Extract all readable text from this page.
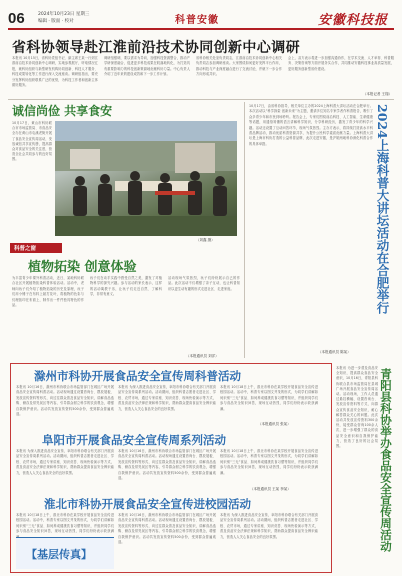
06	2024年10月23日 星期三
编辑 · 版面 · 校对	科普安徽	安徽科技报
省科协领导赴江淮前沿技术协同创新中心调研
本报讯 10月15日，省科协党组书记、副主席王某一行到江淮前沿技术协同创新中心调研，实地参观展厅，听取情况汇报，就科协组织与新型研发机构协同创新、科技人才服务、科技成果转化等工作进行深入交流座谈。调研组指出，要充分发挥科协组织联系广泛的优势，为科技工作者和创新主体做好服务。
调研组强调，要以需求为导向，加强科技资源整合，推动产学研深度融合，促进更多科技成果在皖落地转化，为打造具有重要影响力的科技创新策源地贡献科协力量。中心负责人介绍了近年来的建设成效和下一步工作计划。
省科协相关处室负责同志，江淮前沿技术协同创新中心相关负责同志参加调研座谈。大家围绕如何更好发挥平台作用，推动科技与产业深度融合进行了交流讨论，并就下一步合作方向形成共识。
会上，双方表示将进一步加强沟通协作，在学术交流、人才举荐、科普服务、决策咨询等方面开展务实合作，共同推动安徽科技事业高质量发展，更好服务创新型省份建设。
（本报记者 王翔）
诚信尚俭 共享食安
10月17日，黄山市科协联合市市场监管局、市食品安全办在黄山市屯溪老街开展了食品安全宣传周活动，发放诚信共享宣传册，提高群众对食品安全的关注度，营造全社会共同参与的良好氛围。
（刘鑫 摄）
科普之窗
植物拓染 创意体验
为丰富青少年课外科普活动，近日，某地科协联合社区开展植物拓染科普体验活动。活动中，老师向孩子们介绍了植物拓染的历史及原理，孩子们用小锤子在布料上敲打花叶，将植物的色彩与纹理拓印在布面上，制作出一件件独具特色的作品。
孩子们在动手实践中感受自然之美，激发了对植物科学的探究兴趣。参与活动的家长表示，这样的活动寓教于乐，让孩子们走近自然、了解科学，非常有意义。
活动现场气氛热烈，孩子们纷纷展示自己的作品。此次活动不仅增强了亲子互动，也让科普知识以更生动有趣的形式走进社区、走进家庭。
（本报通讯员 刘洋）
10月17日，由省科协指导，相关单位主办的2024上海科普大讲坛活动在合肥举行。本次活动以“科学探索 创新未来”为主题，邀请多位知名专家学者作科普报告，吸引了众多青少年和市民到场聆听。报告会上，专家们围绕前沿科技、人工智能、生命健康等话题，用通俗易懂的语言讲解科学知识，分享科研经历，激发了青少年的科学兴趣。活动还设置了互动问答环节，现场气氛热烈。主办方表示，将持续打造高水平科普品牌活动，推动优质科普资源共享，为提升公民科学素质贡献力量。上海科普大讲坛是上海市科协打造的公益科普品牌，此次走进安徽，是沪皖两地科协深化科普合作的具体举措。	2024上海科普大讲坛活动在合肥举行
（本报通讯员 陈某）
滁州市科协开展食品安全宣传周科普活动
本报讯 10月16日，滁州市科协联合市场监管部门在城区广场开展食品安全宣传周科普活动。活动现场通过设置咨询台、摆放展板、发放宣传资料等形式，向过往群众普及食品安全知识，讲解食品选购、储存及常见误区等内容，引导群众树立科学的饮食观念，增强自我保护意识。活动共发放宣传资料500余份，受到群众普遍欢迎。
本报讯 为深入推进食品安全宣传，阜阳市科协联合有关部门开展食品安全宣传周系列活动。活动期间，组织科普志愿者走进社区、学校、农贸市场，通过专家讲座、知识竞答、现场快检演示等方式，普及食品安全法律法规和科学知识，帮助群众提高食品安全辨识能力，营造人人关心食品安全的良好氛围。
本报讯 10月18日上午，淮北市科协在某学校开展食品安全宣传进校园活动。活动中，科普专家以图文并茂的形式，为同学们讲解如何识别“三无”食品、如何养成健康饮食习惯等知识，并组织同学们参与食品安全知识问答，现场互动热烈，同学们纷纷表示收获满满。
（本报通讯员 张某）
阜阳市开展食品安全宣传周系列活动
本报讯 为深入推进食品安全宣传，阜阳市科协联合有关部门开展食品安全宣传周系列活动。活动期间，组织科普志愿者走进社区、学校、农贸市场，通过专家讲座、知识竞答、现场快检演示等方式，普及食品安全法律法规和科学知识，帮助群众提高食品安全辨识能力，营造人人关心食品安全的良好氛围。
本报讯 10月16日，滁州市科协联合市场监管部门在城区广场开展食品安全宣传周科普活动。活动现场通过设置咨询台、摆放展板、发放宣传资料等形式，向过往群众普及食品安全知识，讲解食品选购、储存及常见误区等内容，引导群众树立科学的饮食观念，增强自我保护意识。活动共发放宣传资料500余份，受到群众普遍欢迎。
本报讯 10月18日上午，淮北市科协在某学校开展食品安全宣传进校园活动。活动中，科普专家以图文并茂的形式，为同学们讲解如何识别“三无”食品、如何养成健康饮食习惯等知识，并组织同学们参与食品安全知识问答，现场互动热烈，同学们纷纷表示收获满满。
（本报通讯员 王某 李某）
淮北市科协开展食品安全宣传进校园活动
本报讯 10月18日上午，淮北市科协在某学校开展食品安全宣传进校园活动。活动中，科普专家以图文并茂的形式，为同学们讲解如何识别“三无”食品、如何养成健康饮食习惯等知识，并组织同学们参与食品安全知识问答，现场互动热烈，同学们纷纷表示收获满
本报讯 10月16日，滁州市科协联合市场监管部门在城区广场开展食品安全宣传周科普活动。活动现场通过设置咨询台、摆放展板、发放宣传资料等形式，向过往群众普及食品安全知识，讲解食品选购、储存及常见误区等内容，引导群众树立科学的饮食观念，增强自我保护意识。活动共发放宣传资料500余份，受到群众普遍欢迎。
本报讯 为深入推进食品安全宣传，阜阳市科协联合有关部门开展食品安全宣传周系列活动。活动期间，组织科普志愿者走进社区、学校、农贸市场，通过专家讲座、知识竞答、现场快检演示等方式，普及食品安全法律法规和科学知识，帮助群众提高食品安全辨识能力，营造人人关心食品安全的良好氛围。
【基层传真】
本报讯 为进一步普及食品安全知识，提高群众食品安全意识，10月16日，青阳县科协联合县市场监管局在县城广场开展食品安全宣传周活动。活动现场，工作人员通过悬挂横幅、设置咨询台、发放宣传资料等方式，向群众宣传食品安全知识，耐心解答群众关心的问题。此次活动共发放宣传资料300余份，接受群众咨询100余人次，进一步增强了群众的食品安全意识和自我保护能力，营造了良好的社会氛围。	青阳县科协举办食品安全宣传周活动
